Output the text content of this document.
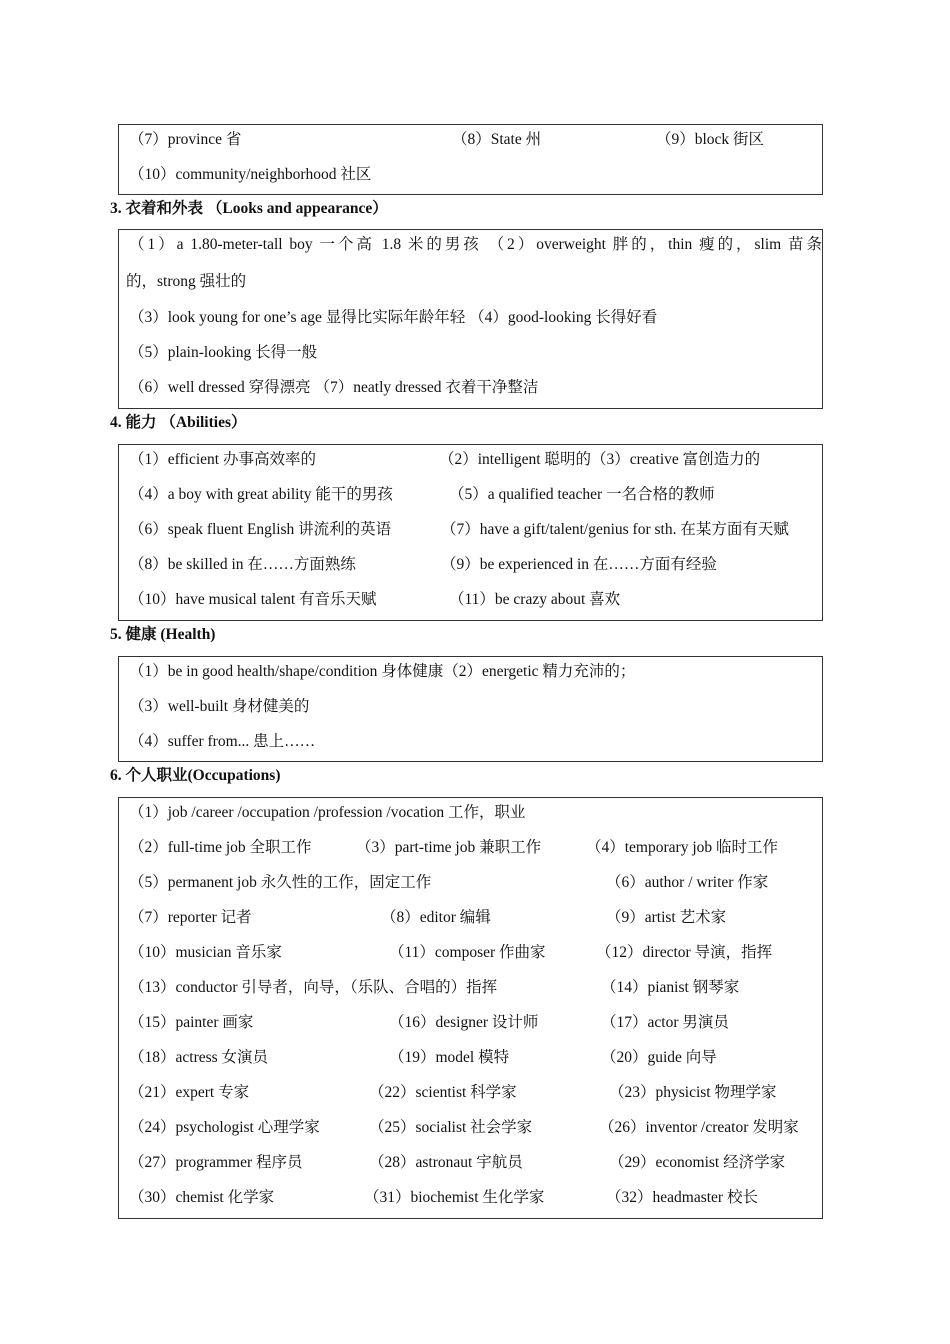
（7）province 省	（8）State 州	（9）block 街区
（10）community/neighborhood 社区
3. 衣着和外表 （Looks and appearance）
（1）a 1.80-meter-tall boy 一个高 1.8 米的男孩 （2）overweight 胖的，thin 瘦的，slim 苗条
的，strong 强壮的
（3）look young for one’s age 显得比实际年龄年轻 （4）good-looking 长得好看
（5）plain-looking 长得一般
（6）well dressed 穿得漂亮 （7）neatly dressed 衣着干净整洁
4. 能力 （Abilities）
（1）efficient 办事高效率的	（2）intelligent 聪明的（3）creative 富创造力的
（4）a boy with great ability 能干的男孩	（5）a qualified teacher 一名合格的教师
（6）speak fluent English 讲流利的英语	（7）have a gift/talent/genius for sth. 在某方面有天赋
（8）be skilled in 在……方面熟练	（9）be experienced in 在……方面有经验
（10）have musical talent 有音乐天赋	（11）be crazy about 喜欢
5. 健康 (Health)
（1）be in good health/shape/condition 身体健康（2）energetic 精力充沛的；
（3）well-built 身材健美的
（4）suffer from... 患上……
6. 个人职业(Occupations)
（1）job /career /occupation /profession /vocation 工作，职业
（2）full-time job 全职工作	（3）part-time job 兼职工作	（4）temporary job 临时工作
（5）permanent job 永久性的工作，固定工作	（6）author / writer 作家
（7）reporter 记者	（8）editor 编辑	（9）artist 艺术家
（10）musician 音乐家	（11）composer 作曲家	（12）director 导演，指挥
（13）conductor 引导者，向导，（乐队、合唱的）指挥	（14）pianist 钢琴家
（15）painter 画家	（16）designer 设计师	（17）actor 男演员
（18）actress 女演员	（19）model 模特	（20）guide 向导
（21）expert 专家	（22）scientist 科学家	（23）physicist 物理学家
（24）psychologist 心理学家	（25）socialist 社会学家	（26）inventor /creator 发明家
（27）programmer 程序员	（28）astronaut 宇航员	（29）economist 经济学家
（30）chemist 化学家	（31）biochemist 生化学家	（32）headmaster 校长
